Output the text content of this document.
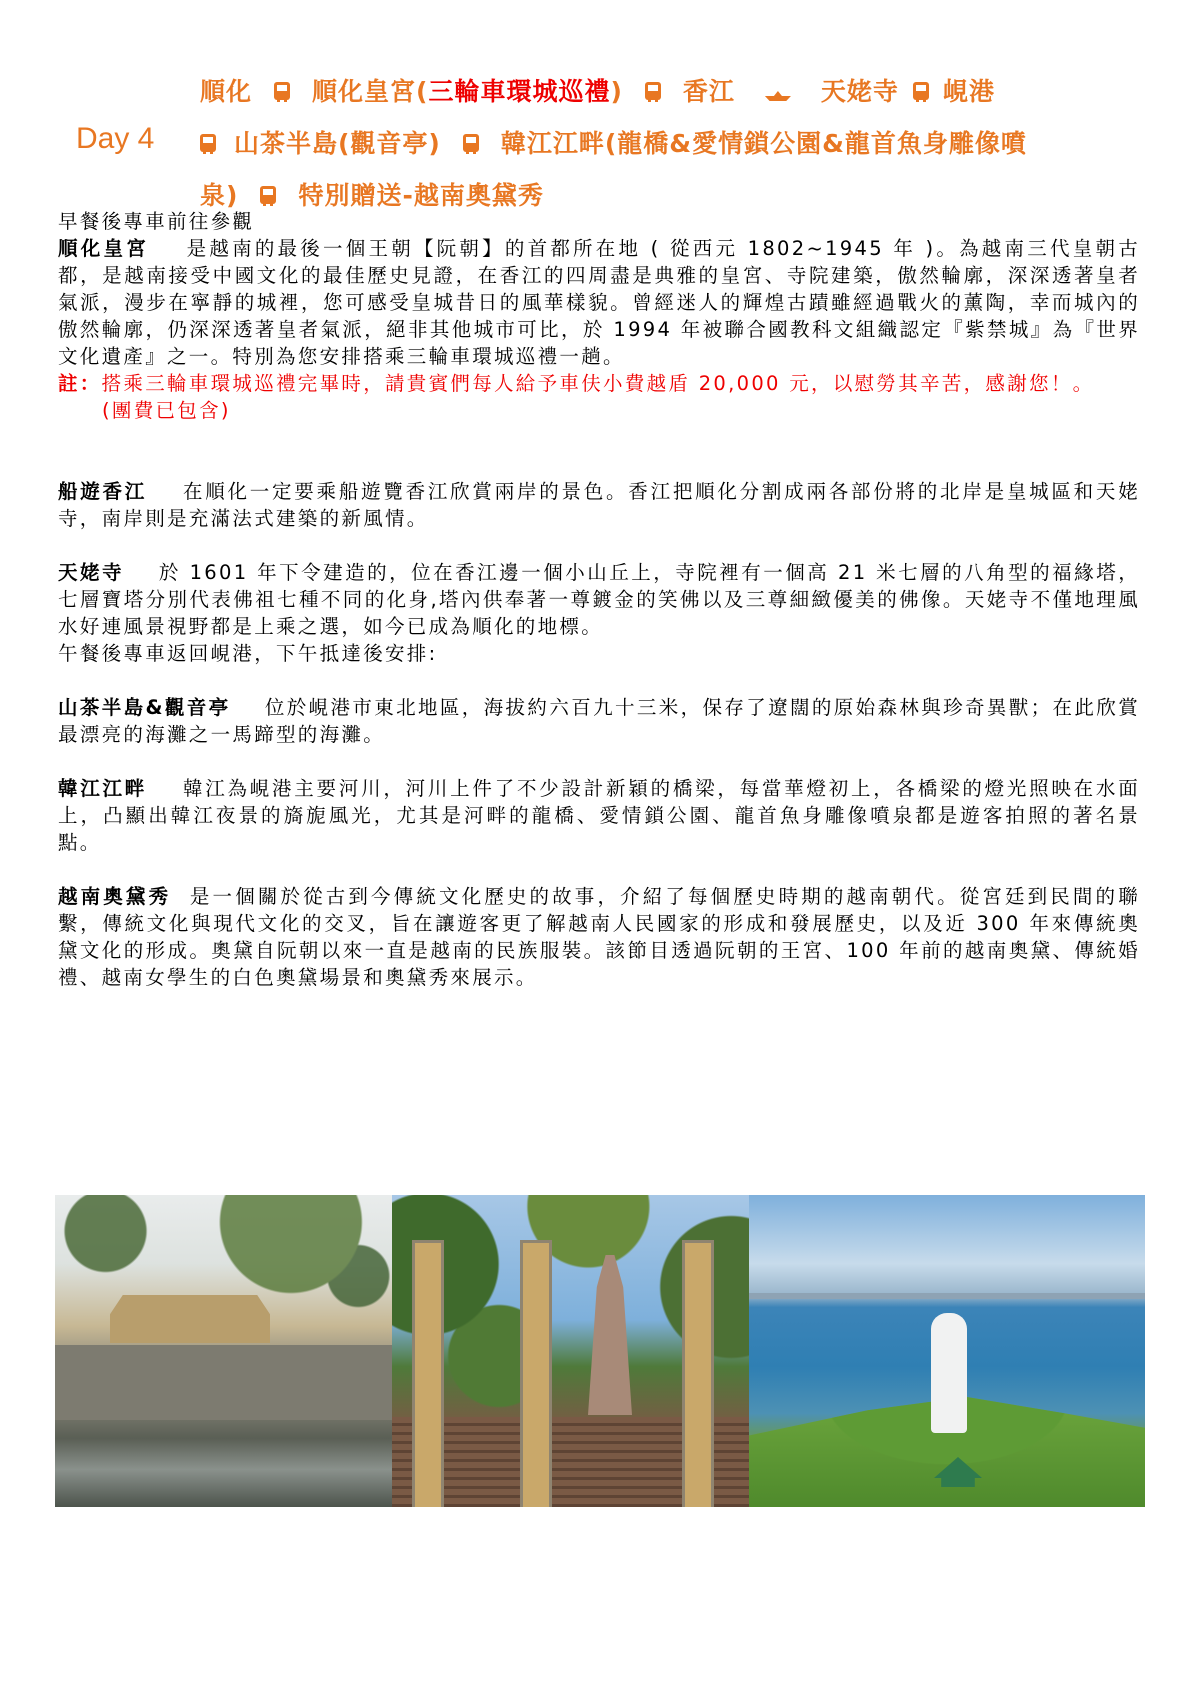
Day 4
順化 順化皇宮(三輪車環城巡禮) 香江	天姥寺 峴港
山茶半島(觀音亭) 韓江江畔(龍橋&愛情鎖公園&龍首魚身雕像噴
泉) 特別贈送-越南奧黛秀

早餐後專車前往參觀

順化皇宮 是越南的最後一個王朝【阮朝】的首都所在地 ( 從西元 1802~1945 年 )。為越南三代皇朝古都，是越南接受中國文化的最佳歷史見證，在香江的四周盡是典雅的皇宮、寺院建築，傲然輪廓，深深透著皇者氣派，漫步在寧靜的城裡，您可感受皇城昔日的風華樣貌。曾經迷人的輝煌古蹟雖經過戰火的薰陶，幸而城內的傲然輪廓，仍深深透著皇者氣派，絕非其他城市可比，於 1994 年被聯合國教科文組織認定『紫禁城』為『世界文化遺產』之一。特別為您安排搭乘三輪車環城巡禮一趟。

註：搭乘三輪車環城巡禮完畢時，請貴賓們每人給予車伕小費越盾 20,000 元，以慰勞其辛苦，感謝您！。

(團費已包含)

船遊香江 在順化一定要乘船遊覽香江欣賞兩岸的景色。香江把順化分割成兩各部份將的北岸是皇城區和天姥寺，南岸則是充滿法式建築的新風情。

天姥寺 於 1601 年下令建造的，位在香江邊一個小山丘上，寺院裡有一個高 21 米七層的八角型的福緣塔，七層寶塔分別代表佛祖七種不同的化身,塔內供奉著一尊鍍金的笑佛以及三尊細緻優美的佛像。天姥寺不僅地理風水好連風景視野都是上乘之選，如今已成為順化的地標。

午餐後專車返回峴港，下午抵達後安排:

山茶半島&觀音亭 位於峴港市東北地區，海拔約六百九十三米，保存了遼闊的原始森林與珍奇異獸；在此欣賞最漂亮的海灘之一馬蹄型的海灘。

韓江江畔 韓江為峴港主要河川，河川上件了不少設計新穎的橋梁，每當華燈初上，各橋梁的燈光照映在水面上，凸顯出韓江夜景的旖旎風光，尤其是河畔的龍橋、愛情鎖公園、龍首魚身雕像噴泉都是遊客拍照的著名景點。

越南奧黛秀 是一個關於從古到今傳統文化歷史的故事，介紹了每個歷史時期的越南朝代。從宮廷到民間的聯繫，傳統文化與現代文化的交叉，旨在讓遊客更了解越南人民國家的形成和發展歷史，以及近 300 年來傳統奧黛文化的形成。奧黛自阮朝以來一直是越南的民族服裝。該節目透過阮朝的王宮、100 年前的越南奧黛、傳統婚禮、越南女學生的白色奧黛場景和奧黛秀來展示。
